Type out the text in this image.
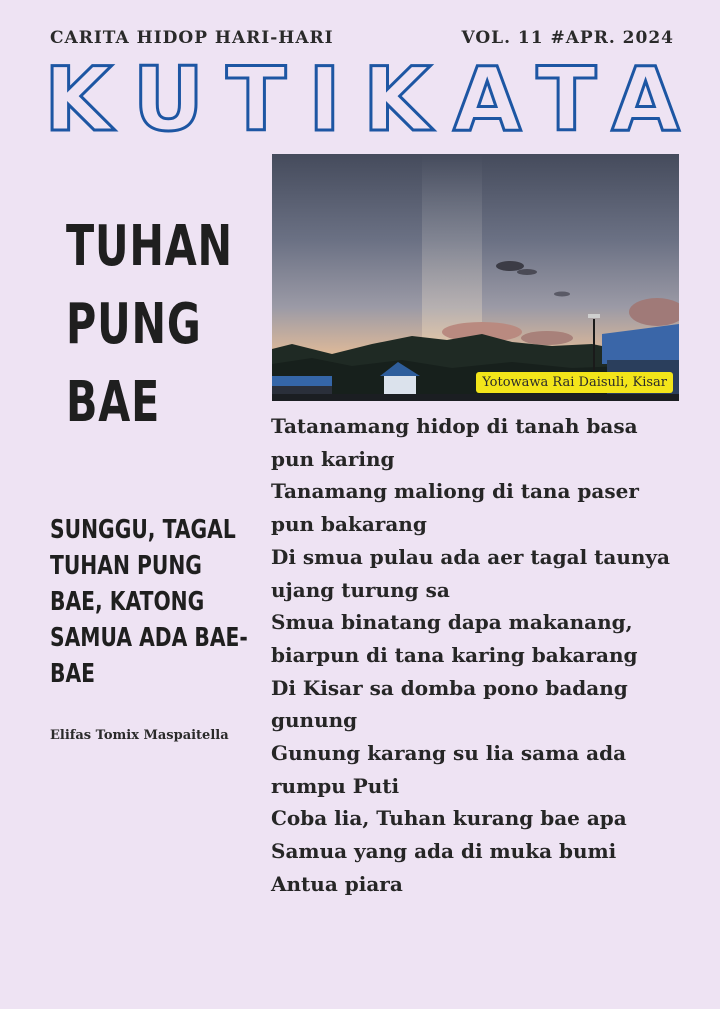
CARITA HIDOP HARI-HARI	VOL. 11 #APR. 2024
KUTIKATA
TUHAN
PUNG
BAE
SUNGGU, TAGAL
TUHAN PUNG
BAE, KATONG
SAMUA ADA BAE-
BAE
Elifas Tomix Maspaitella
Yotowawa Rai Daisuli, Kisar
Tatanamang hidop di tanah basa
pun karing
Tanamang maliong di tana paser
pun bakarang
Di smua pulau ada aer tagal taunya
ujang turung sa
Smua binatang dapa makanang,
biarpun di tana karing bakarang
Di Kisar sa domba pono badang
gunung
Gunung karang su lia sama ada
rumpu Puti
Coba lia, Tuhan kurang bae apa
Samua yang ada di muka bumi
Antua piara
